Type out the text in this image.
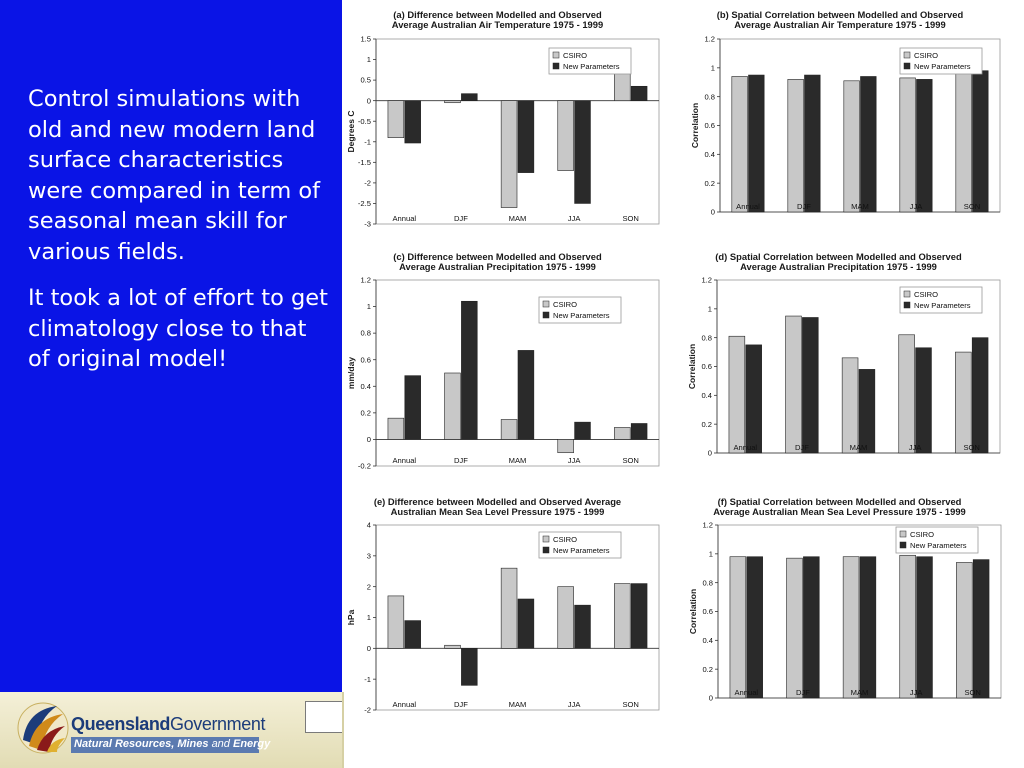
Control simulations with old and new modern land surface characteristics were compared in term of seasonal mean skill for various fields.

It took a lot of effort to get climatology close to that of original model!

QueenslandGovernment
Natural Resources, Mines and Energy
(a) Difference between Modelled and Observed
Average Australian Air Temperature 1975 - 1999
1.5
1
0.5
0
-0.5
-1
-1.5
-2
-2.5
-3
Degrees C
Annual	DJF	MAM	JJA	SON
CSIRO
New Parameters
(b) Spatial Correlation between Modelled and Observed
Average Australian Air Temperature 1975 - 1999
1.2
1
0.8
0.6
0.4
0.2
0
Correlation
Annual	DJF	MAM	JJA	SON
CSIRO
New Parameters
(c) Difference between Modelled and Observed
Average Australian Precipitation 1975 - 1999
1.2
1
0.8
0.6
0.4
0.2
0
-0.2
mm/day
Annual	DJF	MAM	JJA	SON
CSIRO
New Parameters
(d) Spatial Correlation between Modelled and Observed
Average Australian Precipitation 1975 - 1999
1.2
1
0.8
0.6
0.4
0.2
0
Correlation
Annual	DJF	MAM	JJA	SON
CSIRO
New Parameters
(e) Difference between Modelled and Observed Average
Australian Mean Sea Level Pressure 1975 - 1999
4
3
2
1
0
-1
-2
hPa
Annual	DJF	MAM	JJA	SON
CSIRO
New Parameters
(f) Spatial Correlation between Modelled and Observed
Average Australian Mean Sea Level Pressure 1975 - 1999
1.2
1
0.8
0.6
0.4
0.2
0
Correlation
Annual	DJF	MAM	JJA	SON
CSIRO
New Parameters
